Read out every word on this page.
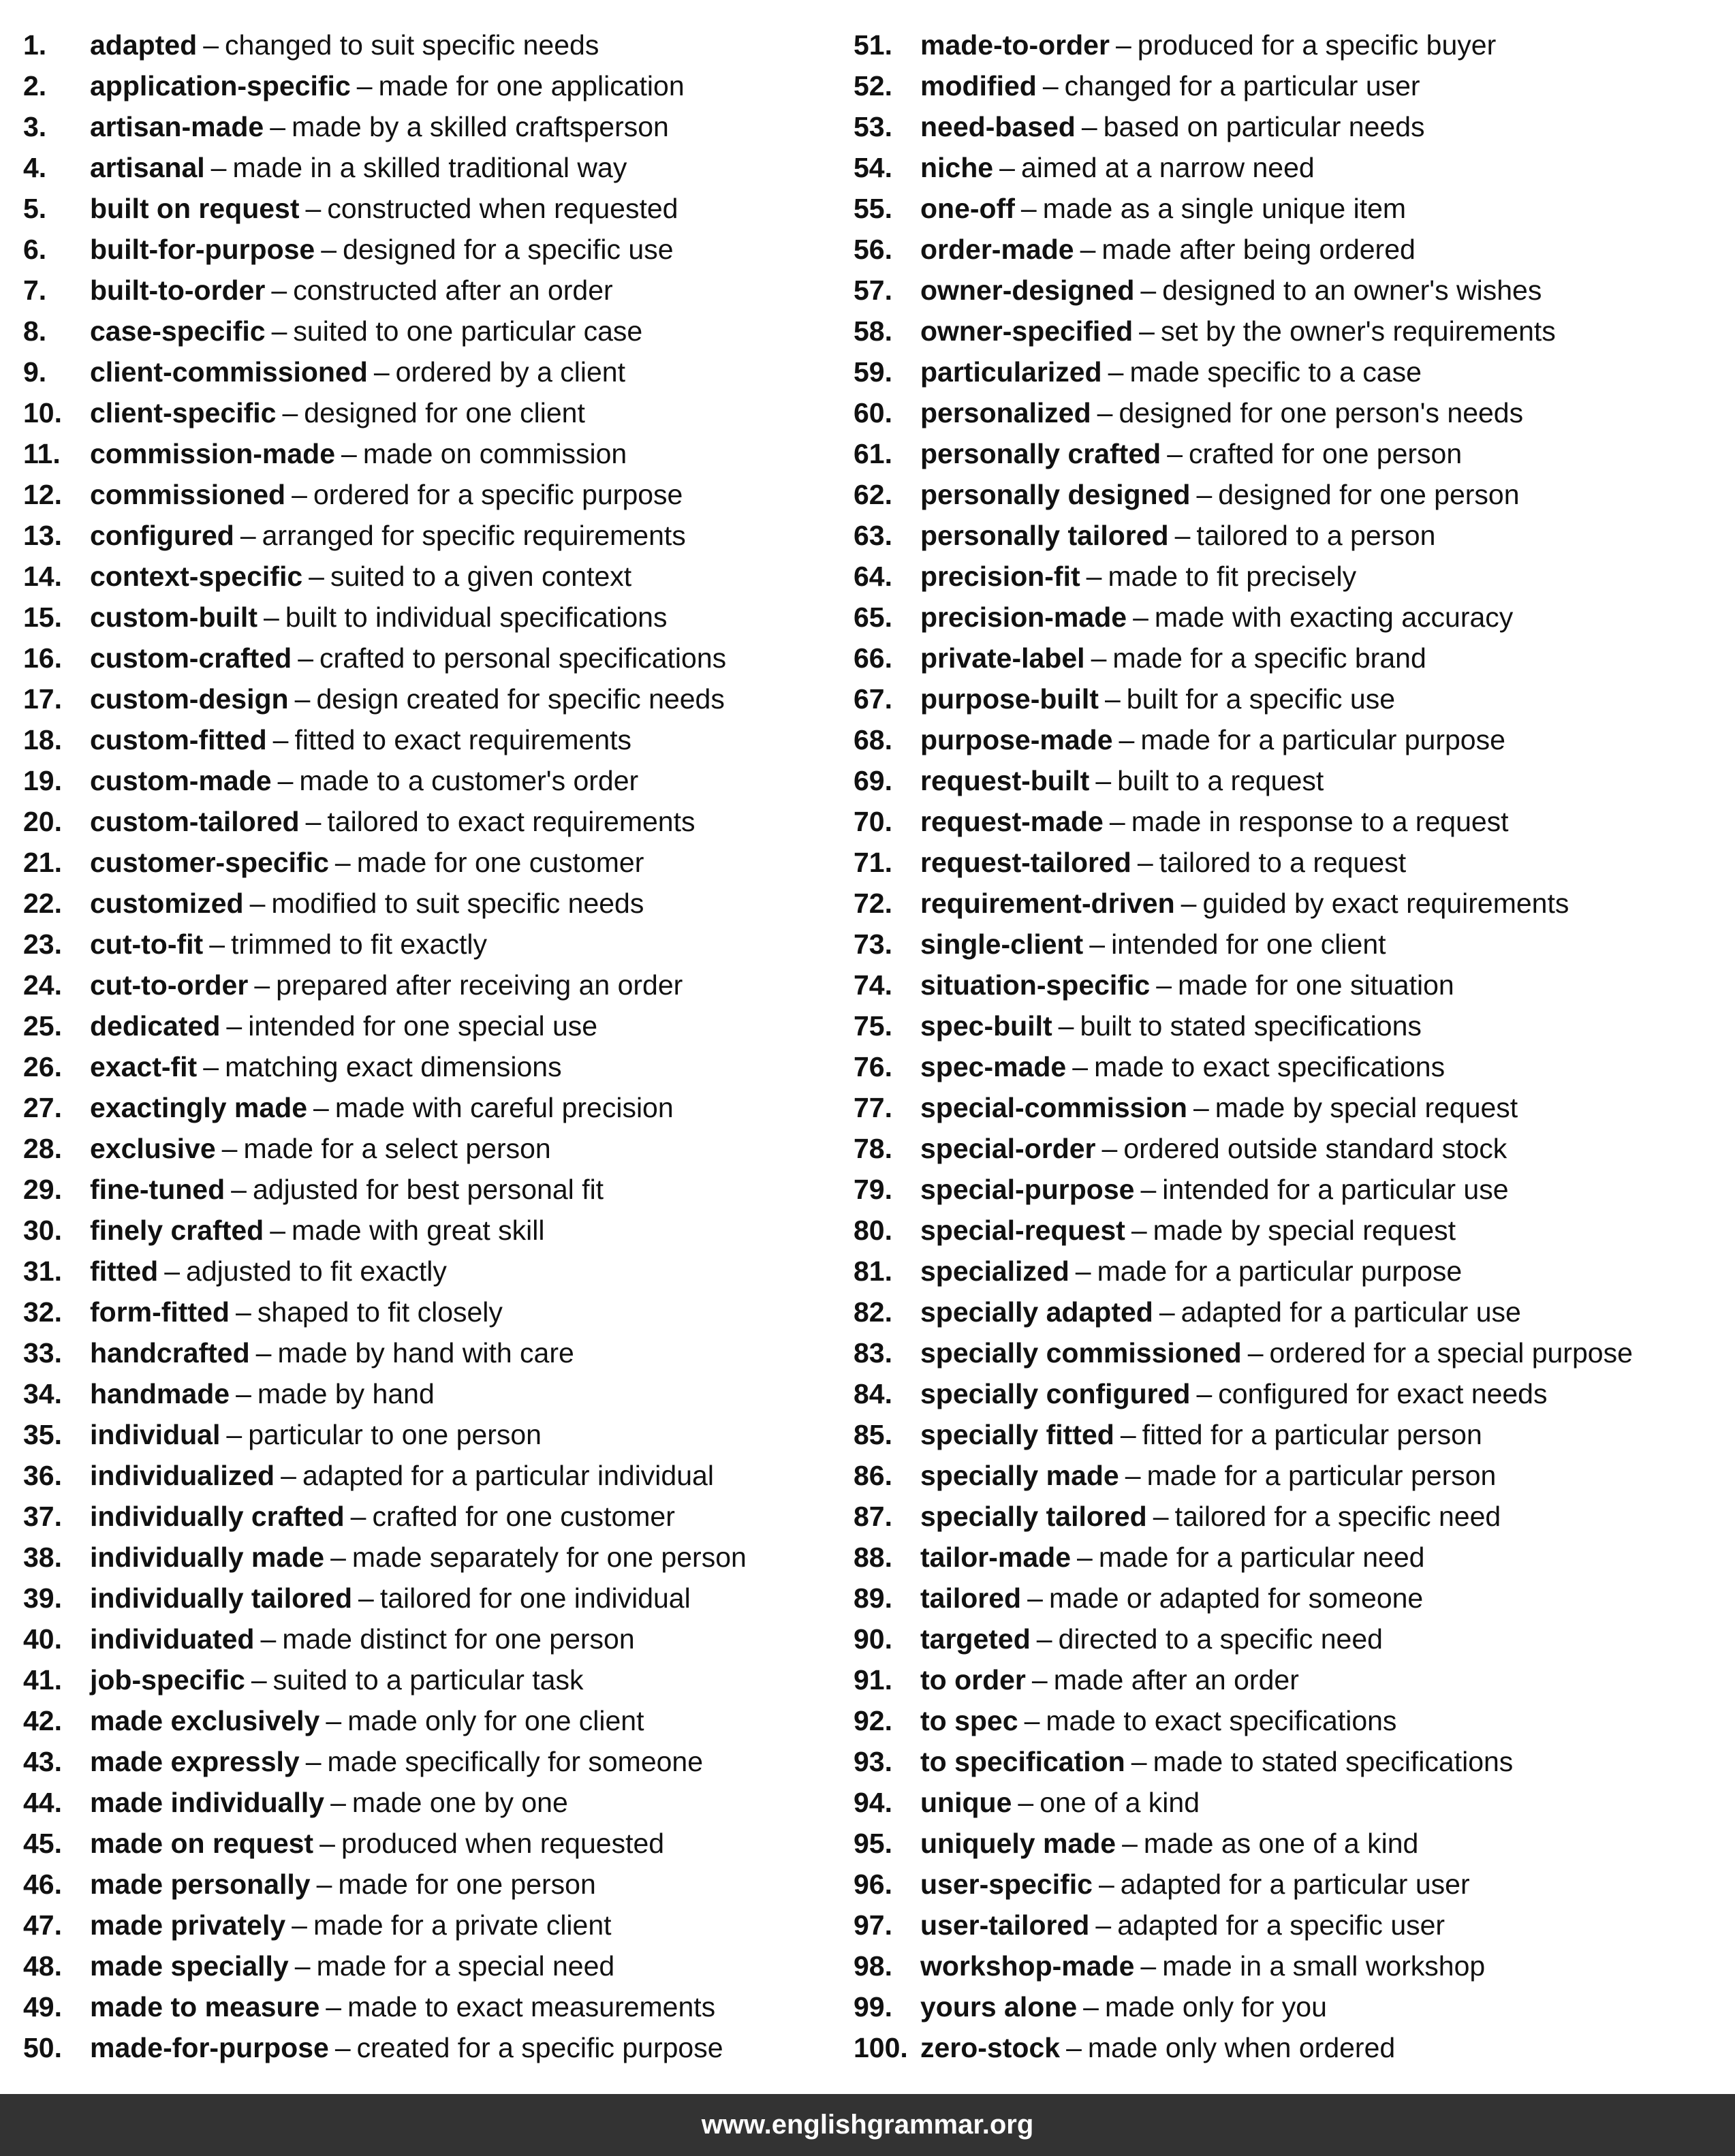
1. adapted – changed to suit specific needs
2. application-specific – made for one application
3. artisan-made – made by a skilled craftsperson
4. artisanal – made in a skilled traditional way
5. built on request – constructed when requested
6. built-for-purpose – designed for a specific use
7. built-to-order – constructed after an order
8. case-specific – suited to one particular case
9. client-commissioned – ordered by a client
10. client-specific – designed for one client
11. commission-made – made on commission
12. commissioned – ordered for a specific purpose
13. configured – arranged for specific requirements
14. context-specific – suited to a given context
15. custom-built – built to individual specifications
16. custom-crafted – crafted to personal specifications
17. custom-design – design created for specific needs
18. custom-fitted – fitted to exact requirements
19. custom-made – made to a customer's order
20. custom-tailored – tailored to exact requirements
21. customer-specific – made for one customer
22. customized – modified to suit specific needs
23. cut-to-fit – trimmed to fit exactly
24. cut-to-order – prepared after receiving an order
25. dedicated – intended for one special use
26. exact-fit – matching exact dimensions
27. exactingly made – made with careful precision
28. exclusive – made for a select person
29. fine-tuned – adjusted for best personal fit
30. finely crafted – made with great skill
31. fitted – adjusted to fit exactly
32. form-fitted – shaped to fit closely
33. handcrafted – made by hand with care
34. handmade – made by hand
35. individual – particular to one person
36. individualized – adapted for a particular individual
37. individually crafted – crafted for one customer
38. individually made – made separately for one person
39. individually tailored – tailored for one individual
40. individuated – made distinct for one person
41. job-specific – suited to a particular task
42. made exclusively – made only for one client
43. made expressly – made specifically for someone
44. made individually – made one by one
45. made on request – produced when requested
46. made personally – made for one person
47. made privately – made for a private client
48. made specially – made for a special need
49. made to measure – made to exact measurements
50. made-for-purpose – created for a specific purpose
51. made-to-order – produced for a specific buyer
52. modified – changed for a particular user
53. need-based – based on particular needs
54. niche – aimed at a narrow need
55. one-off – made as a single unique item
56. order-made – made after being ordered
57. owner-designed – designed to an owner's wishes
58. owner-specified – set by the owner's requirements
59. particularized – made specific to a case
60. personalized – designed for one person's needs
61. personally crafted – crafted for one person
62. personally designed – designed for one person
63. personally tailored – tailored to a person
64. precision-fit – made to fit precisely
65. precision-made – made with exacting accuracy
66. private-label – made for a specific brand
67. purpose-built – built for a specific use
68. purpose-made – made for a particular purpose
69. request-built – built to a request
70. request-made – made in response to a request
71. request-tailored – tailored to a request
72. requirement-driven – guided by exact requirements
73. single-client – intended for one client
74. situation-specific – made for one situation
75. spec-built – built to stated specifications
76. spec-made – made to exact specifications
77. special-commission – made by special request
78. special-order – ordered outside standard stock
79. special-purpose – intended for a particular use
80. special-request – made by special request
81. specialized – made for a particular purpose
82. specially adapted – adapted for a particular use
83. specially commissioned – ordered for a special purpose
84. specially configured – configured for exact needs
85. specially fitted – fitted for a particular person
86. specially made – made for a particular person
87. specially tailored – tailored for a specific need
88. tailor-made – made for a particular need
89. tailored – made or adapted for someone
90. targeted – directed to a specific need
91. to order – made after an order
92. to spec – made to exact specifications
93. to specification – made to stated specifications
94. unique – one of a kind
95. uniquely made – made as one of a kind
96. user-specific – adapted for a particular user
97. user-tailored – adapted for a specific user
98. workshop-made – made in a small workshop
99. yours alone – made only for you
100. zero-stock – made only when ordered
www.englishgrammar.org
